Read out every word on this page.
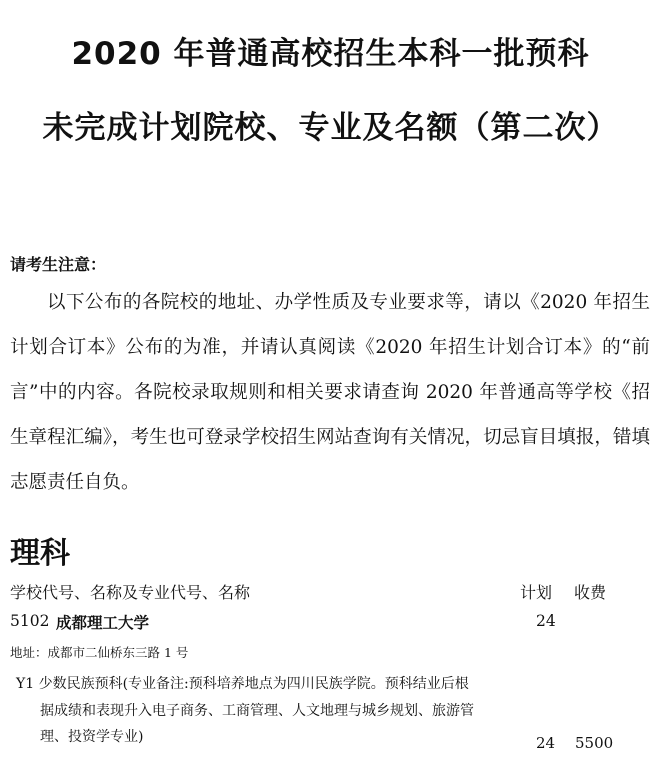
2020 年普通高校招生本科一批预科
未完成计划院校、专业及名额（第二次）
请考生注意：

以下公布的各院校的地址、办学性质及专业要求等，请以《2020 年招生计划合订本》公布的为准，并请认真阅读《2020 年招生计划合订本》的“前言”中的内容。各院校录取规则和相关要求请查询 2020 年普通高等学校《招生章程汇编》，考生也可登录学校招生网站查询有关情况，切忌盲目填报，错填志愿责任自负。

理科
学校代号、名称及专业代号、名称	计划 收费
5102 成都理工大学	24
地址：成都市二仙桥东三路 1 号
Y1 少数民族预科(专业备注:预科培养地点为四川民族学院。预科结业后根
据成绩和表现升入电子商务、工商管理、人文地理与城乡规划、旅游管
理、投资学专业)	24 5500
